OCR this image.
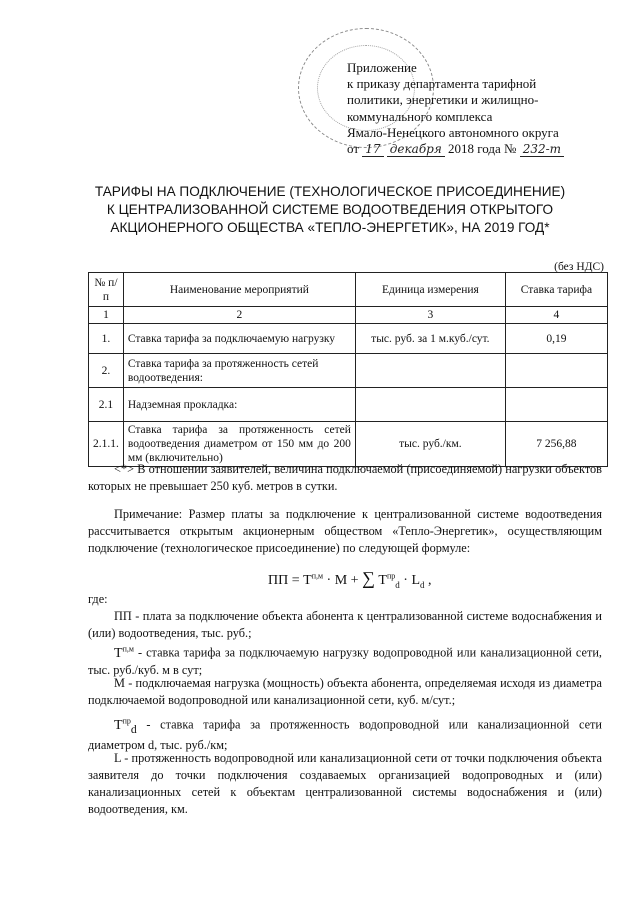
Приложение
к приказу департамента тарифной
политики, энергетики и жилищно-
коммунального комплекса
Ямало-Ненецкого автономного округа
от 17 декабря 2018 года № 232-т
ТАРИФЫ НА ПОДКЛЮЧЕНИЕ (ТЕХНОЛОГИЧЕСКОЕ ПРИСОЕДИНЕНИЕ)
К ЦЕНТРАЛИЗОВАННОЙ СИСТЕМЕ ВОДООТВЕДЕНИЯ ОТКРЫТОГО
АКЦИОНЕРНОГО ОБЩЕСТВА «ТЕПЛО-ЭНЕРГЕТИК», НА 2019 ГОД*
(без НДС)
№ п/п	Наименование мероприятий	Единица измерения	Ставка тарифа
1	2	3	4
1.	Ставка тарифа за подключаемую нагрузку	тыс. руб. за 1 м.куб./сут.	0,19
2.	Ставка тарифа за протяженность сетей водоотведения:		
2.1	Надземная прокладка:		
2.1.1.	Ставка тарифа за протяженность сетей водоотведения диаметром от 150 мм до 200 мм (включительно)	тыс. руб./км.	7 256,88
<*> В отношении заявителей, величина подключаемой (присоединяемой) нагрузки объектов которых не превышает 250 куб. метров в сутки.
Примечание: Размер платы за подключение к централизованной системе водоотведения рассчитывается открытым акционерным обществом «Тепло-Энергетик», осуществляющим подключение (технологическое присоединение) по следующей формуле:
ПП = $Т^{п,м} \cdot М$ + ∑ $Т^{пр}_d \cdot L_d$ ,
где:
ПП - плата за подключение объекта абонента к централизованной системе водоснабжения и (или) водоотведения, тыс. руб.;
$Т^{п,м}$ - ставка тарифа за подключаемую нагрузку водопроводной или канализационной сети, тыс. руб./куб. м в сут;
М - подключаемая нагрузка (мощность) объекта абонента, определяемая исходя из диаметра подключаемой водопроводной или канализационной сети, куб. м/сут.;
$Т^{пр}_d$ - ставка тарифа за протяженность водопроводной или канализационной сети диаметром d, тыс. руб./км;
L - протяженность водопроводной или канализационной сети от точки подключения объекта заявителя до точки подключения создаваемых организацией водопроводных и (или) канализационных сетей к объектам централизованной системы водоснабжения и (или) водоотведения, км.
